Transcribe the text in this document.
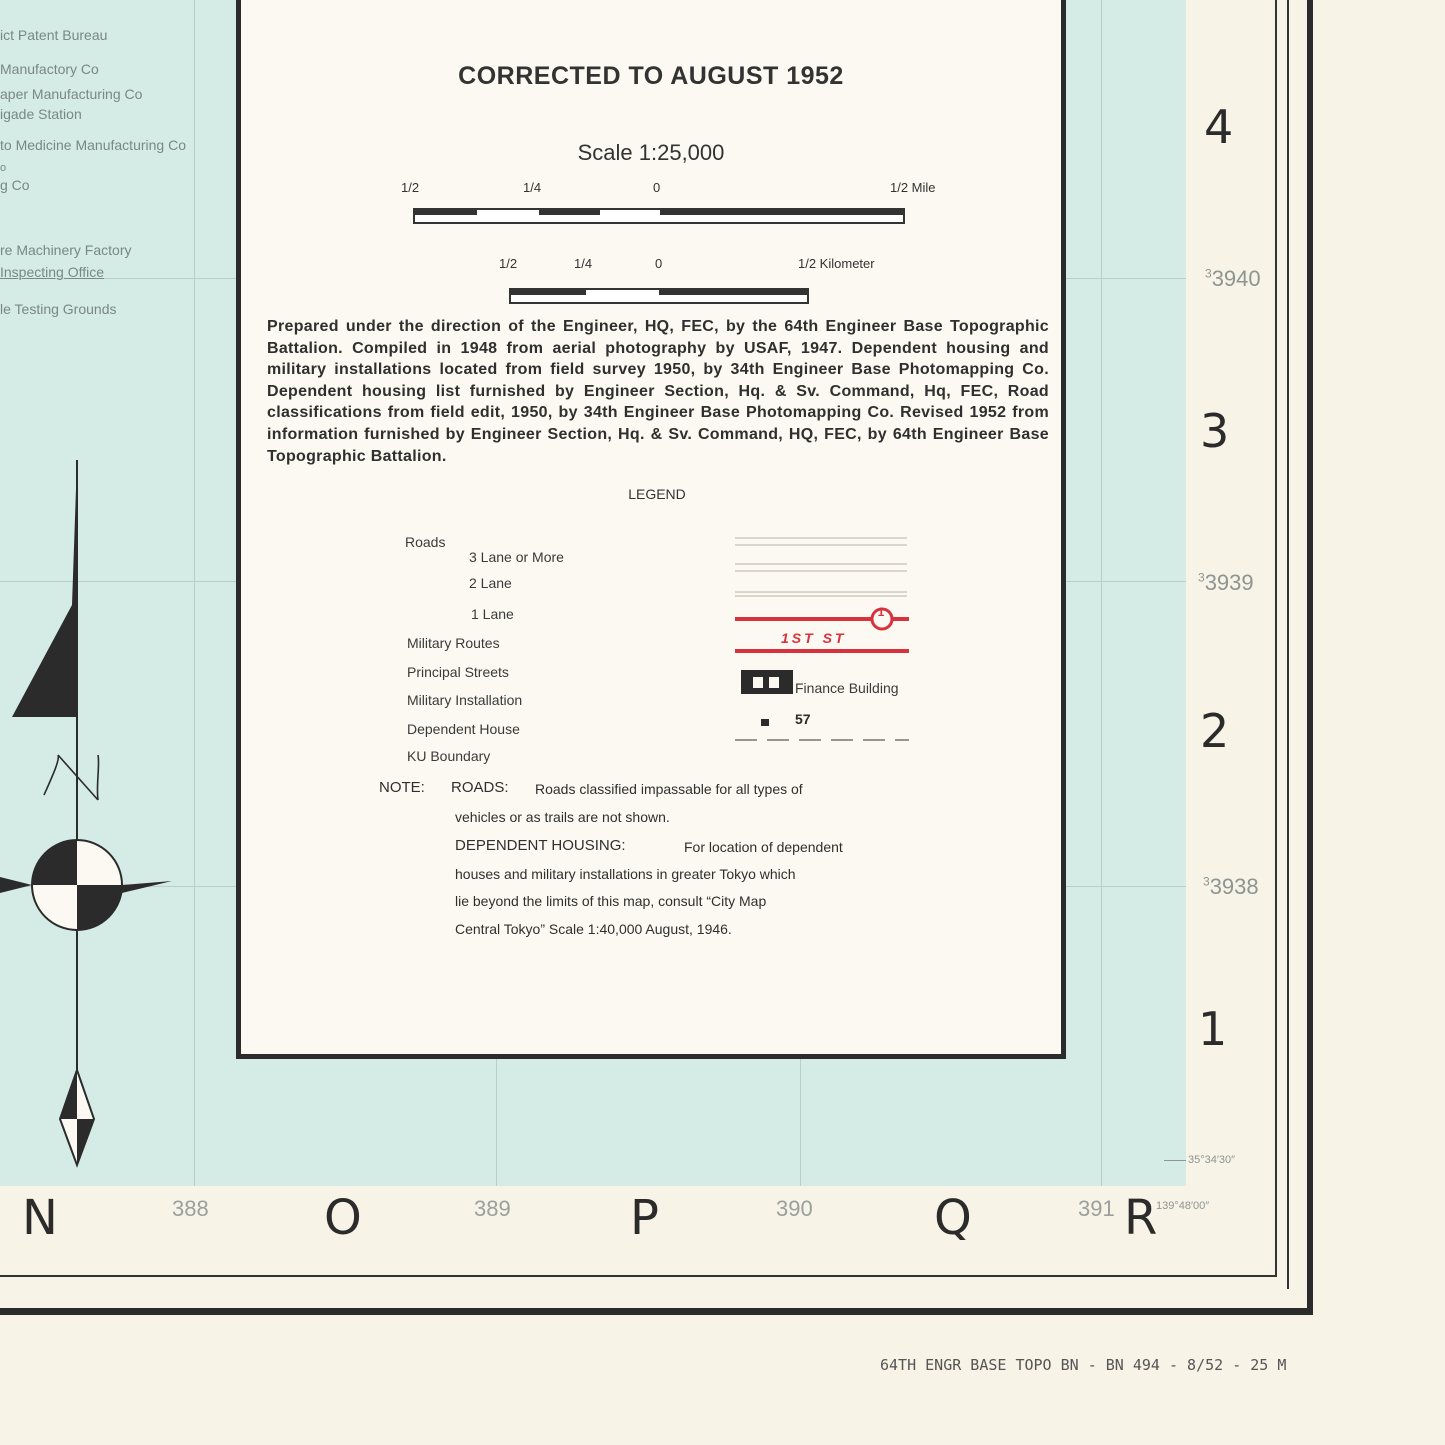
ict Patent Bureau
Manufactory Co
aper Manufacturing Co
igade Station
to Medicine Manufacturing Co
o
g Co
re Machinery Factory
Inspecting Office
le Testing Grounds
CORRECTED TO AUGUST 1952
Scale 1:25,000
1/2	1/4	0	1/2 Mile
1/2	1/4	0	1/2 Kilometer
Prepared under the direction of the Engineer, HQ, FEC, by the 64th Engineer Base Topographic Battalion. Compiled in 1948 from aerial photography by USAF, 1947. Dependent housing and military installations located from field survey 1950, by 34th Engineer Base Photomapping Co. Dependent housing list furnished by Engineer Section, Hq. & Sv. Command, Hq, FEC, Road classifications from field edit, 1950, by 34th Engineer Base Photomapping Co. Revised 1952 from information furnished by Engineer Section, Hq. & Sv. Command, HQ, FEC, by 64th Engineer Base Topographic Battalion.
LEGEND
Roads
3 Lane or More
2 Lane
1 Lane
Military Routes
Principal Streets
Military Installation
Dependent House
KU Boundary
1
1ST ST
Finance Building
57
NOTE: ROADS: Roads classified impassable for all types of
vehicles or as trails are not shown.
DEPENDENT HOUSING:	For location of dependent
houses and military installations in greater Tokyo which
lie beyond the limits of this map, consult “City Map
Central Tokyo” Scale 1:40,000 August, 1946.
4
3
2
1
$^3$3940
$^3$3939
$^3$3938
35°34′30″
139°48′00″
N	O	P	Q	R
388	389	390	391
64TH ENGR BASE TOPO BN - BN 494 - 8/52 - 25 M
